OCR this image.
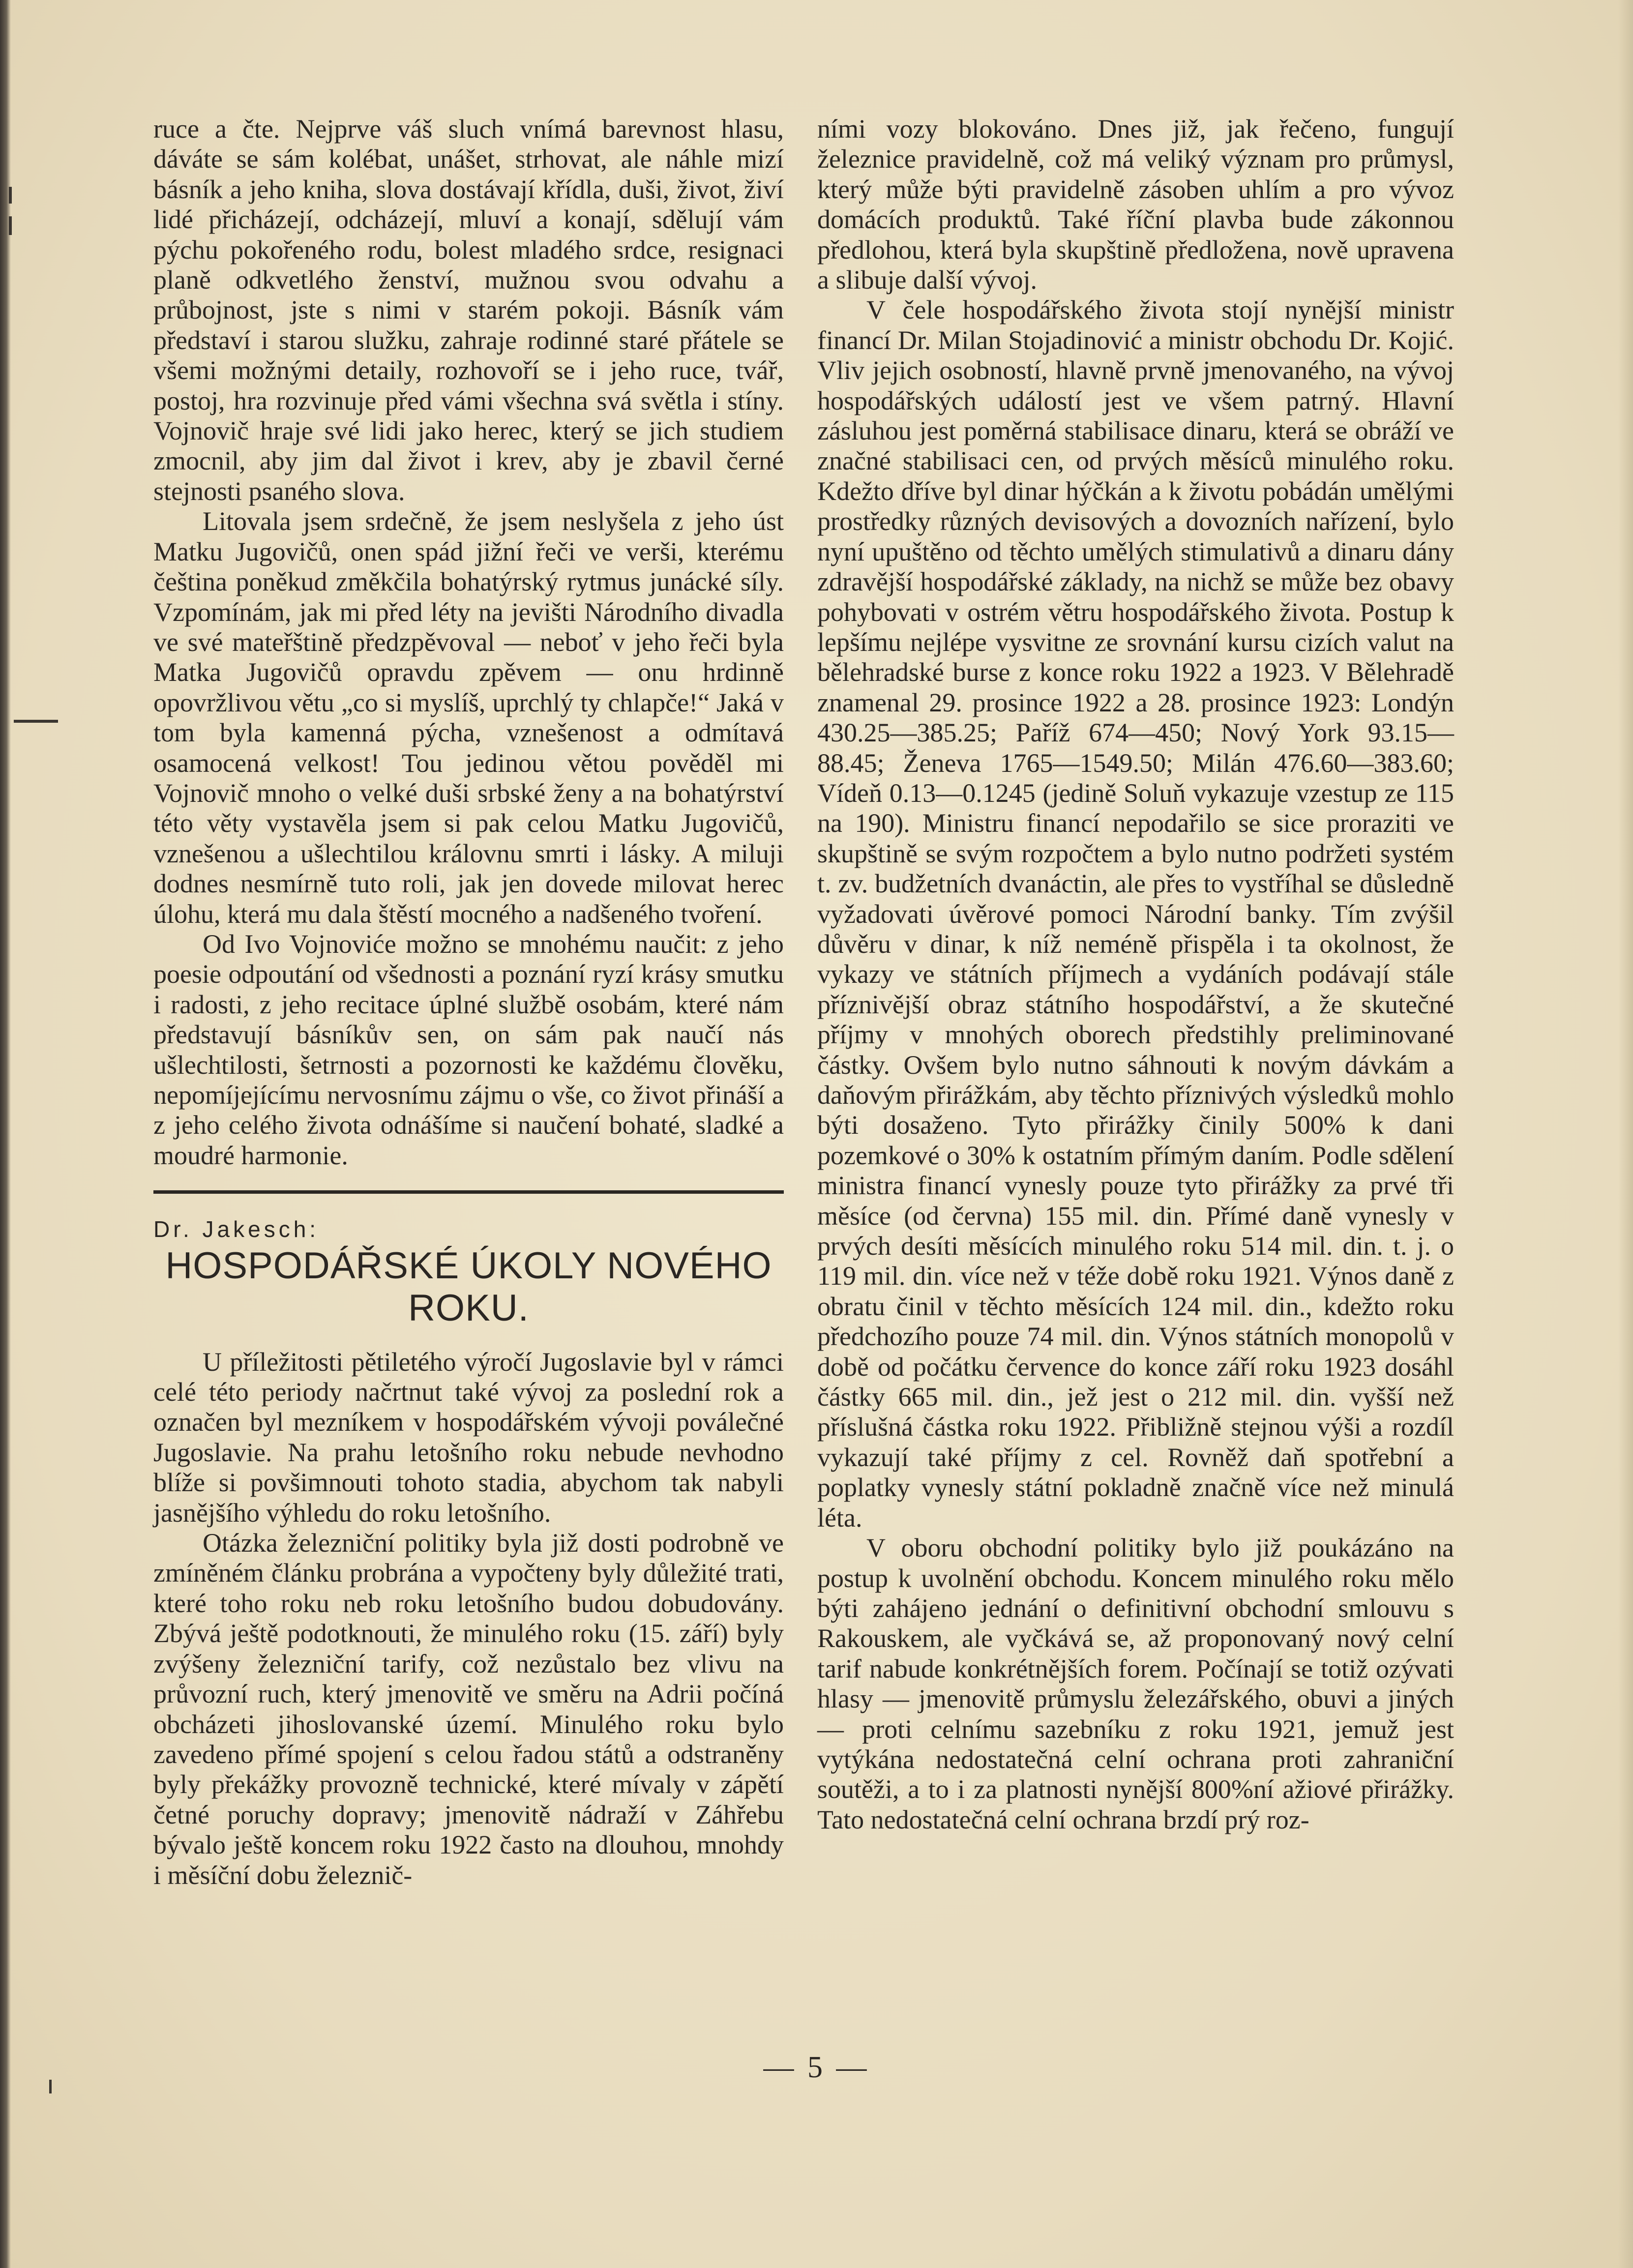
ruce a čte. Nejprve váš sluch vnímá barevnost hlasu, dáváte se sám kolébat, unášet, strhovat, ale náhle mizí básník a jeho kniha, slova dostávají křídla, duši, život, živí lidé přicházejí, odcházejí, mluví a konají, sdělují vám pýchu pokořeného rodu, bolest mladého srdce, resignaci planě odkvetlého ženství, mužnou svou odvahu a průbojnost, jste s nimi v starém pokoji. Básník vám představí i starou služku, zahraje rodinné staré přátele se všemi možnými detaily, rozhovoří se i jeho ruce, tvář, postoj, hra rozvinuje před vámi všechna svá světla i stíny. Vojnovič hraje své lidi jako herec, který se jich studiem zmocnil, aby jim dal život i krev, aby je zbavil černé stejnosti psaného slova.

Litovala jsem srdečně, že jsem neslyšela z jeho úst Matku Jugovičů, onen spád jižní řeči ve verši, kterému čeština poněkud změkčila bohatýrský rytmus junácké síly. Vzpomínám, jak mi před léty na jevišti Národního divadla ve své mateřštině předzpěvoval — neboť v jeho řeči byla Matka Jugovičů opravdu zpěvem — onu hrdinně opovržlivou větu „co si myslíš, uprchlý ty chlapče!“ Jaká v tom byla kamenná pýcha, vznešenost a odmítavá osamocená velkost! Tou jedinou větou pověděl mi Vojnovič mnoho o velké duši srbské ženy a na bohatýrství této věty vystavěla jsem si pak celou Matku Jugovičů, vznešenou a ušlechtilou královnu smrti i lásky. A miluji dodnes nesmírně tuto roli, jak jen dovede milovat herec úlohu, která mu dala štěstí mocného a nadšeného tvoření.

Od Ivo Vojnoviće možno se mnohému naučit: z jeho poesie odpoutání od všednosti a poznání ryzí krásy smutku i radosti, z jeho recitace úplné službě osobám, které nám představují básníkův sen, on sám pak naučí nás ušlechtilosti, šetrnosti a pozornosti ke každému člověku, nepomíjejícímu nervosnímu zájmu o vše, co život přináší a z jeho celého života odnášíme si naučení bohaté, sladké a moudré harmonie.

Dr. Jakesch:

HOSPODÁŘSKÉ ÚKOLY NOVÉHO
ROKU.

U příležitosti pětiletého výročí Jugoslavie byl v rámci celé této periody načrtnut také vývoj za poslední rok a označen byl mezníkem v hospodářském vývoji poválečné Jugoslavie. Na prahu letošního roku nebude nevhodno blíže si povšimnouti tohoto stadia, abychom tak nabyli jasnějšího výhledu do roku letošního.

Otázka železniční politiky byla již dosti podrobně ve zmíněném článku probrána a vypočteny byly důležité trati, které toho roku neb roku letošního budou dobudovány. Zbývá ještě podotknouti, že minulého roku (15. září) byly zvýšeny železniční tarify, což nezůstalo bez vlivu na průvozní ruch, který jmenovitě ve směru na Adrii počíná obcházeti jihoslovanské území. Minulého roku bylo zavedeno přímé spojení s celou řadou států a odstraněny byly překážky provozně technické, které mívaly v zápětí četné poruchy dopravy; jmenovitě nádraží v Záhřebu bývalo ještě koncem roku 1922 často na dlouhou, mnohdy i měsíční dobu železnič-

ními vozy blokováno. Dnes již, jak řečeno, fungují železnice pravidelně, což má veliký význam pro průmysl, který může býti pravidelně zásoben uhlím a pro vývoz domácích produktů. Také říční plavba bude zákonnou předlohou, která byla skupštině předložena, nově upravena a slibuje další vývoj.

V čele hospodářského života stojí nynější ministr financí Dr. Milan Stojadinović a ministr obchodu Dr. Kojić. Vliv jejich osobností, hlavně prvně jmenovaného, na vývoj hospodářských událostí jest ve všem patrný. Hlavní zásluhou jest poměrná stabilisace dinaru, která se obráží ve značné stabilisaci cen, od prvých měsíců minulého roku. Kdežto dříve byl dinar hýčkán a k životu pobádán umělými prostředky různých devisových a dovozních nařízení, bylo nyní upuštěno od těchto umělých stimulativů a dinaru dány zdravější hospodářské základy, na nichž se může bez obavy pohybovati v ostrém větru hospodářského života. Postup k lepšímu nejlépe vysvitne ze srovnání kursu cizích valut na bělehradské burse z konce roku 1922 a 1923. V Bělehradě znamenal 29. prosince 1922 a 28. prosince 1923: Londýn 430.25—385.25; Paříž 674—450; Nový York 93.15—88.45; Ženeva 1765—1549.50; Milán 476.60—383.60; Vídeň 0.13—0.1245 (jedině Soluň vykazuje vzestup ze 115 na 190). Ministru financí nepodařilo se sice proraziti ve skupštině se svým rozpočtem a bylo nutno podržeti systém t. zv. budžetních dvanáctin, ale přes to vystříhal se důsledně vyžadovati úvěrové pomoci Národní banky. Tím zvýšil důvěru v dinar, k níž neméně přispěla i ta okolnost, že vykazy ve státních příjmech a vydáních podávají stále příznivější obraz státního hospodářství, a že skutečné příjmy v mnohých oborech předstihly preliminované částky. Ovšem bylo nutno sáhnouti k novým dávkám a daňovým přirážkám, aby těchto příznivých výsledků mohlo býti dosaženo. Tyto přirážky činily 500% k dani pozemkové o 30% k ostatním přímým daním. Podle sdělení ministra financí vynesly pouze tyto přirážky za prvé tři měsíce (od června) 155 mil. din. Přímé daně vynesly v prvých desíti měsících minulého roku 514 mil. din. t. j. o 119 mil. din. více než v téže době roku 1921. Výnos daně z obratu činil v těchto měsících 124 mil. din., kdežto roku předchozího pouze 74 mil. din. Výnos státních monopolů v době od počátku července do konce září roku 1923 dosáhl částky 665 mil. din., jež jest o 212 mil. din. vyšší než příslušná částka roku 1922. Přibližně stejnou výši a rozdíl vykazují také příjmy z cel. Rovněž daň spotřební a poplatky vynesly státní pokladně značně více než minulá léta.

V oboru obchodní politiky bylo již poukázáno na postup k uvolnění obchodu. Koncem minulého roku mělo býti zahájeno jednání o definitivní obchodní smlouvu s Rakouskem, ale vyčkává se, až proponovaný nový celní tarif nabude konkrétnějších forem. Počínají se totiž ozývati hlasy — jmenovitě průmyslu železářského, obuvi a jiných — proti celnímu sazebníku z roku 1921, jemuž jest vytýkána nedostatečná celní ochrana proti zahraniční soutěži, a to i za platnosti nynější 800%ní ažiové přirážky. Tato nedostatečná celní ochrana brzdí prý roz-

— 5 —
